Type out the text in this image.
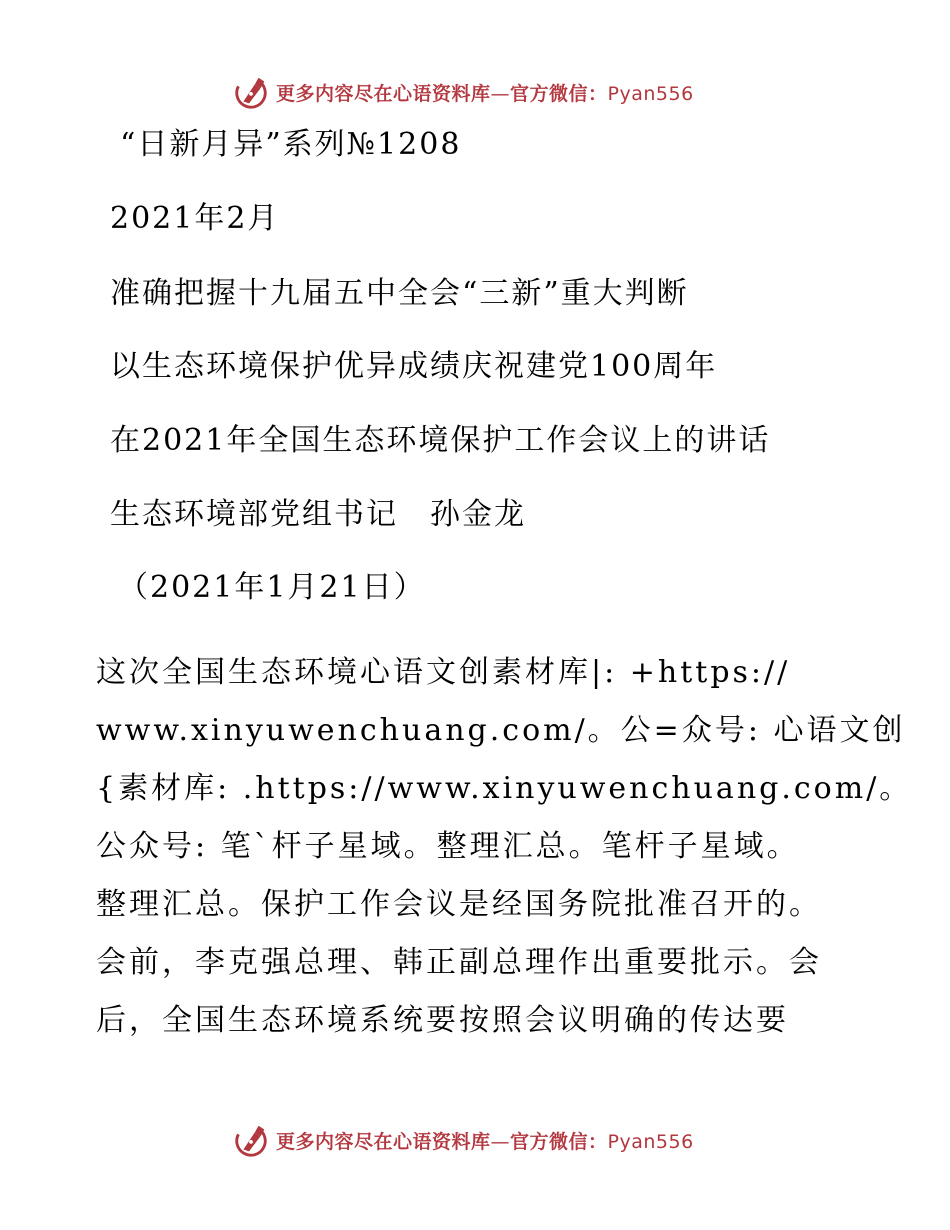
更多内容尽在心语资料库—官方微信：Pyan556
“日新月异”系列№1208
2021年2月
准确把握十九届五中全会“三新”重大判断
以生态环境保护优异成绩庆祝建党100周年
在2021年全国生态环境保护工作会议上的讲话
生态环境部党组书记　孙金龙
（2021年1月21日）

这次全国生态环境心语文创素材库|: +https://

www.xinyuwenchuang.com/。公=众号: 心语文创

{素材库: .https://www.xinyuwenchuang.com/。

公众号: 笔`杆子星域。整理汇总。笔杆子星域。

整理汇总。保护工作会议是经国务院批准召开的。

会前，李克强总理、韩正副总理作出重要批示。会

后，全国生态环境系统要按照会议明确的传达要

更多内容尽在心语资料库—官方微信：Pyan556
